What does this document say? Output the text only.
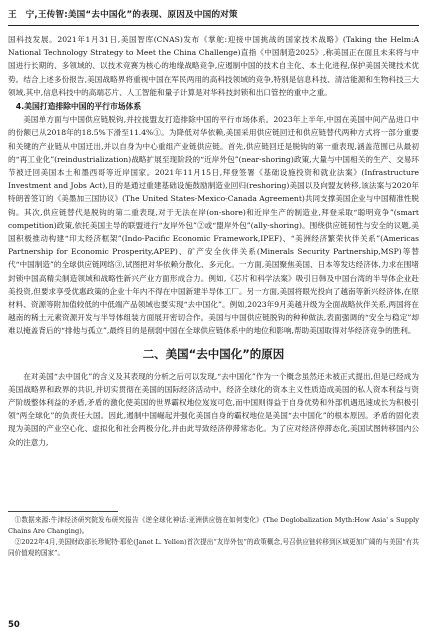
王　宁,王传智:美国“去中国化”的表现、原因及中国的对策

国科技发展。2021年1月31日,美国智库(CNAS)发布《掌舵:迎接中国挑战的国家技术战略》(Taking the Helm:A National Technology Strategy to Meet the China Challenge)直指《中国制造2025》,称美国正在面且未来将与中国进行长期的、多领域的、以技术竞赛为核心的地缘战略竞争,应遏制中国的技术自主化、本土化进程,保护美国关键技术优势。结合上述多份报告,美国战略界将重视中国在军民两用的高科技领域的竞争,特别是信息科技、清洁能源和生物科技三大领域,其中,信息科技中的高端芯片、人工智能和量子计算是对华科技封锁和出口管控的重中之重。

4.美国打造排除中国的平行市场体系

美国单方面与中国供应链脱钩,并拉拢盟友打造排除中国的平行市场体系。2023年上半年,中国在美国中间产品进口中的份额已从2018年的18.5%下滑至11.4%①。为降低对华依赖,美国采用供应链回迁和供应链替代两种方式将一部分重要和关键的产业链从中国迁出,并以自身为中心重组产业链供应链。首先,供应链回迁是脱钩的第一重表现,涵盖范围已从最初的“再工业化”(reindustrialization)战略扩展至现阶段的“近岸外包”(near-shoring)政策,大量与中国相关的生产、交易环节被迁回美国本土和墨西哥等近岸国家。2021年11月15日,拜登签署《基础设施投资和就业法案》(Infrastructure Investment and Jobs Act),目的是通过重建基础设施鼓励制造业回归(reshoring)美国以及向盟友转移,该法案与2020年特朗普签订的《美墨加三国协议》(The United States-Mexico-Canada Agreement)共同支撑美国企业与中国精准性脱钩。其次,供应链替代是脱钩的第二重表现,对于无法在岸(on-shore)和近岸生产的制造业,拜登采取“聪明竞争”(smart competition)政策,依托美国主导的联盟进行“友岸外包”②或“盟岸外包”(ally-shoring)。围绕供应链韧性与安全的议题,美国积极推动构建“印太经济框架”(Indo-Pacific Economic Framework,IPEF)、“美洲经济繁荣伙伴关系”(Americas Partnership for Economic Prosperity,APEP)、矿产安全伙伴关系(Minerals Security Partnership,MSP)等替代“中国制造”的全球供应链网络③,试图把对华依赖分散化、多元化。一方面,美国聚焦美国、日本等发达经济体,力求在围堵封锁中国高精尖制造领域和战略性新兴产业方面形成合力。例如,《芯片和科学法案》吸引日韩及中国台湾的半导体企业赴美投资,但要求享受优惠政策的企业十年内不得在中国新建半导体工厂。另一方面,美国将眼光投向了越南等新兴经济体,在原材料、资源等附加值较低的中低端产品领域也要实现“去中国化”。例如,2023年9月美越升级为全面战略伙伴关系,两国将在越南的稀土元素资源开发与半导体组装方面展开密切合作。美国与中国供应链脱钩的种种做法,表面强调的“安全与稳定”却难以掩盖背后的“排他与孤立”,最终目的是削弱中国在全球供应链体系中的地位和影响,帮助美国取得对华经济竞争的胜利。

二、美国“去中国化”的原因

在对美国“去中国化”的含义及其表现的分析之后可以发现,“去中国化”作为一个概念虽然还未被正式提出,但是已经成为美国战略界和政界的共识,并切实贯彻在美国的国际经济活动中。经济全球化的资本主义性质造成美国的私人资本利益与资产阶级整体利益的矛盾,矛盾的激化使美国的世界霸权地位岌岌可危,而中国则得益于自身优势和外部机遇迅速成长为积极引领“两全球化”的负责任大国。因此,遏制中国崛起并强化美国自身的霸权地位是美国“去中国化”的根本原因。矛盾的固化表现为美国的产业空心化、虚拟化和社会两极分化,并由此导致经济停滞常态化。为了应对经济停滞态化,美国试图转移国内公众的注意力,

①数据来源:牛津经济研究院发布研究报告《逆全球化神话:亚洲供应链在如何变化》(The Deglobalization Myth:How Asia' s Supply Chains Are Changing)。

②2022年4月,美国财政部长珍妮特·耶伦(Janet L. Yellen)首次提出“友岸外包”的政策概念,号召供应链转移到区域更加广阔的与美国“有共同价值观的国家”。

50
